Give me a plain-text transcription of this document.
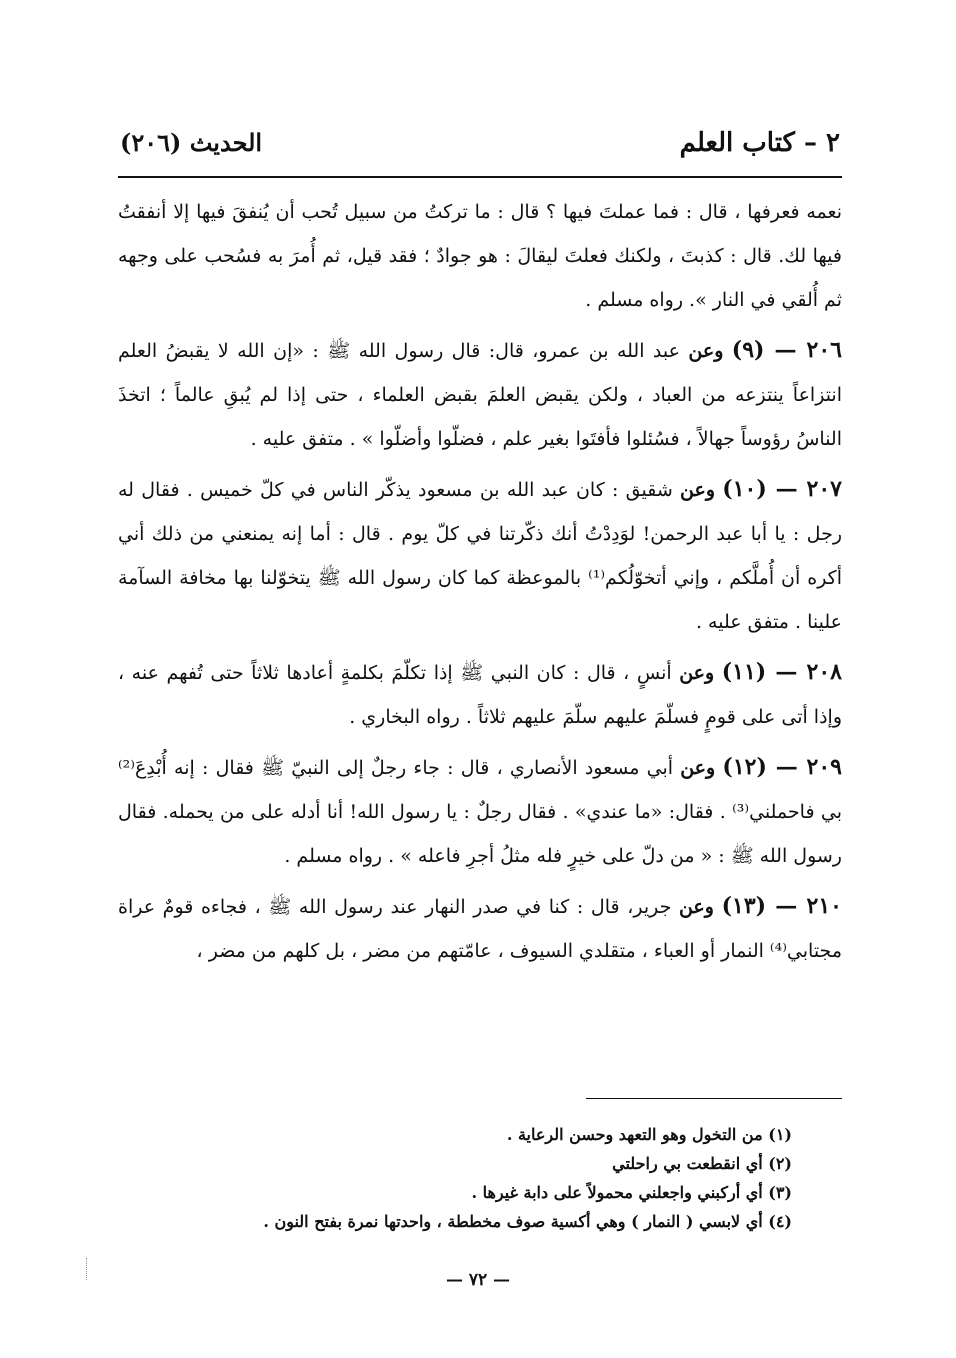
٢ – كتاب العلم
الحديث (٢٠٦)

نعمه فعرفها ، قال : فما عملتَ فيها ؟ قال : ما تركتُ من سبيل تُحب أن يُنفقَ فيها إلا أنفقتُ فيها لك. قال : كذبتَ ، ولكنك فعلتَ ليقالَ : هو جوادٌ ؛ فقد قيل، ثم أُمرَ به فسُحب على وجهه ثم أُلقي في النار ». رواه مسلم .

٢٠٦ — (٩) وعن عبد الله بن عمرو، قال: قال رسول الله ﷺ : «إن الله لا يقبضُ العلم انتزاعاً ينتزعه من العباد ، ولكن يقبض العلمَ بقبض العلماء ، حتى إذا لم يُبقِ عالماً ؛ اتخذَ الناسُ رؤوساً جهالاً ، فسُئلوا فأفتَوا بغير علم ، فضلّوا وأضلّوا » . متفق عليه .

٢٠٧ — (١٠) وعن شقيق : كان عبد الله بن مسعود يذكّر الناس في كلّ خميس . فقال له رجل : يا أبا عبد الرحمن! لوَدِدْتُ أنك ذكّرتنا في كلّ يوم . قال : أما إنه يمنعني من ذلك أني أكره أن أُملَّكم ، وإني أتخوّلُكم⁽¹⁾ بالموعظة كما كان رسول الله ﷺ يتخوّلنا بها مخافة السآمة علينا . متفق عليه .

٢٠٨ — (١١) وعن أنسٍ ، قال : كان النبي ﷺ إذا تكلّمَ بكلمةٍ أعادها ثلاثاً حتى تُفهم عنه ، وإذا أتى على قومٍ فسلّمَ عليهم سلّمَ عليهم ثلاثاً . رواه البخاري .

٢٠٩ — (١٢) وعن أبي مسعود الأنصاري ، قال : جاء رجلٌ إلى النبيّ ﷺ فقال : إنه أُبْدِعَ⁽²⁾ بي فاحملني⁽³⁾ . فقال: «ما عندي» . فقال رجلٌ : يا رسول الله! أنا أدله على من يحمله. فقال رسول الله ﷺ : « من دلّ على خيرٍ فله مثلُ أجرِ فاعله » . رواه مسلم .

٢١٠ — (١٣) وعن جرير، قال : كنا في صدر النهار عند رسول الله ﷺ ، فجاءه قومٌ عراة مجتابي⁽⁴⁾ النمار أو العباء ، متقلدي السيوف ، عامّتهم من مضر ، بل كلهم من مضر ،

(١) من التخول وهو التعهد وحسن الرعاية .
(٢) أي انقطعت بي راحلتي
(٣) أي أركبني واجعلني محمولاً على دابة غيرها .
(٤) أي لابسي ( النمار ) وهي أكسية صوف مخططة ، واحدتها نمرة بفتح النون .
— ٧٢ —
